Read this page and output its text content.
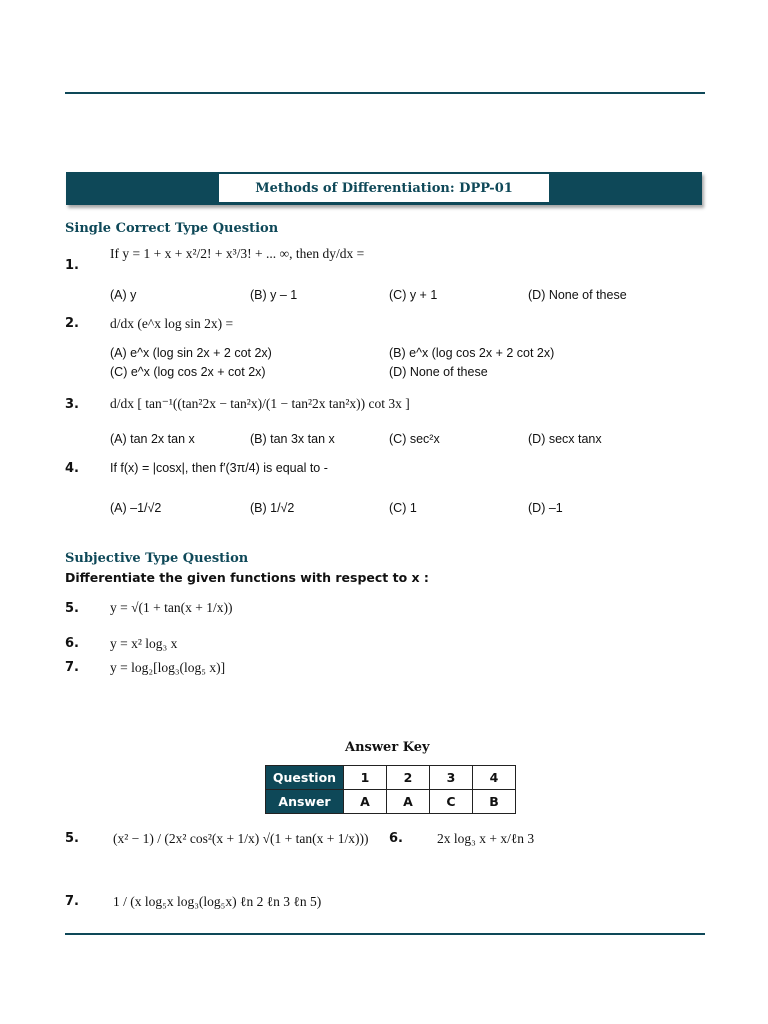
Methods of Differentiation: DPP-01
Single Correct Type Question
1.
If y = 1 + x + x²/2! + x³/3! + ... ∞, then dy/dx =
(A) y	(B) y – 1	(C) y + 1	(D) None of these
2. d/dx (e^x log sin 2x) =
(A) e^x (log sin 2x + 2 cot 2x)	(B) e^x (log cos 2x + 2 cot 2x)
(C) e^x (log cos 2x + cot 2x)	(D) None of these
3. d/dx [ tan⁻¹((tan²2x − tan²x)/(1 − tan²2x tan²x)) cot 3x ]
(A) tan 2x tan x	(B) tan 3x tan x	(C) sec²x	(D) secx tanx
4. If f(x) = |cosx|, then f′(3π/4) is equal to -
(A) –1/√2	(B) 1/√2	(C) 1	(D) –1
Subjective Type Question
Differentiate the given functions with respect to x :
5. y = √(1 + tan(x + 1/x))
6. y = x² log₃ x
7. y = log₂[log₃(log₅ x)]
Answer Key
Question	1	2	3	4
Answer	A	A	C	B
5.	(x² − 1) / (2x² cos²(x + 1/x) √(1 + tan(x + 1/x)))	6.	2x log₃ x + x/ℓn 3
7.	1 / (x log₅x log₃(log₅x) ℓn 2 ℓn 3 ℓn 5)
